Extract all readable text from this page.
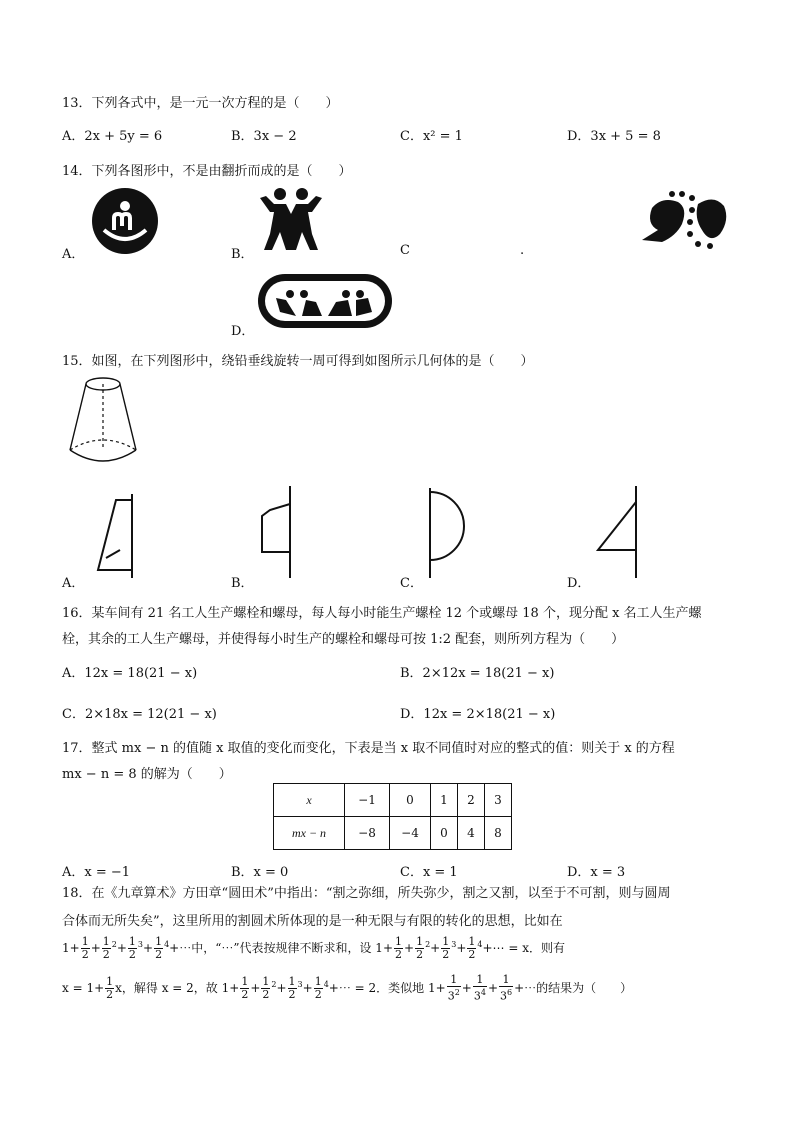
13．下列各式中，是一元一次方程的是（　　）
A．2x + 5y = 6	B．3x − 2	C．x² = 1	D．3x + 5 = 8
14．下列各图形中，不是由翻折而成的是（　　）
A．	B．	C	.
D．
15．如图，在下列图形中，绕铅垂线旋转一周可得到如图所示几何体的是（　　）
A．	B．	C．	D．
16．某车间有 21 名工人生产螺栓和螺母，每人每小时能生产螺栓 12 个或螺母 18 个，现分配 x 名工人生产螺
栓，其余的工人生产螺母，并使得每小时生产的螺栓和螺母可按 1:2 配套，则所列方程为（　　）
A．12x = 18(21 − x)	B．2×12x = 18(21 − x)
C．2×18x = 12(21 − x)	D．12x = 2×18(21 − x)
17．整式 mx − n 的值随 x 取值的变化而变化，下表是当 x 取不同值时对应的整式的值：则关于 x 的方程
mx − n = 8 的解为（　　）
x	−1	0	1	2	3
mx − n	−8	−4	0	4	8
A．x = −1	B．x = 0	C．x = 1	D．x = 3
18．在《九章算术》方田章“圆田术”中指出：“割之弥细，所失弥少，割之又割，以至于不可割，则与圆周
合体而无所失矣”，这里所用的割圆术所体现的是一种无限与有限的转化的思想，比如在
$1+ \frac{1}{2} + \frac{1}{2} ^2+ \frac{1}{2} ^3+ \frac{1}{2}$ $^4$+⋯中，“⋯”代表按规律不断求和，设 $1+ \frac{1}{2} + \frac{1}{2} ^2+ \frac{1}{2} ^3+ \frac{1}{2}$ $^4$+⋯ = x．则有
$x = 1+ \frac{1}{2}$ x，解得 x = 2，故 $1+ \frac{1}{2} + \frac{1}{2} ^2+ \frac{1}{2} ^3+ \frac{1}{2}$ $^4$+⋯ = 2．类似地 $1+ \frac{1}{3^2} + \frac{1}{3^4} + \frac{1}{3^6}$ +⋯的结果为（　　）
